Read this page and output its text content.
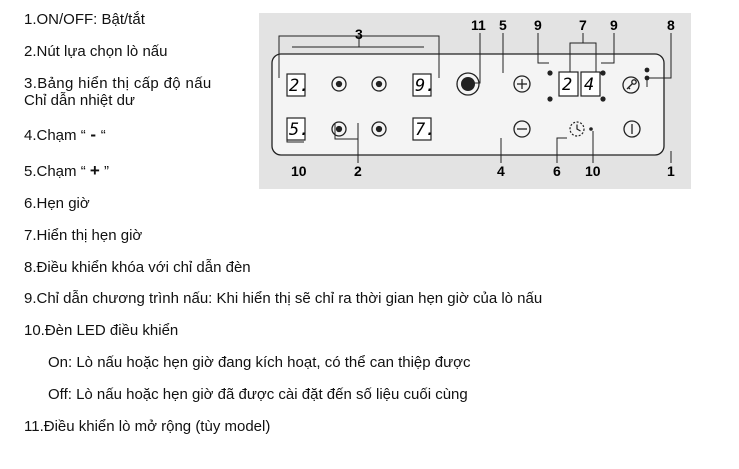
1.ON/OFF: Bật/tắt
2.Nút lựa chọn lò nấu
3.Bảng hiển thị cấp độ nấu
Chỉ dẫn nhiệt dư
4.Chạm “ - “
5.Chạm “ + ”
6.Hẹn giờ
7.Hiển thị hẹn giờ
8.Điều khiển khóa với chỉ dẫn đèn
9.Chỉ dẫn chương trình nấu: Khi hiển thị sẽ chỉ ra thời gian hẹn giờ của lò nấu
10.Đèn LED điều khiển
On: Lò nấu hoặc hẹn giờ đang kích hoạt, có thể can thiệp được
Off: Lò nấu hoặc hẹn giờ đã được cài đặt đến số liệu cuối cùng
11.Điều khiển lò mở rộng (tùy model)
2.
5.
9.
7.
2 4
3
11 5 9	7 9	8
10	2	4	6 10	1
